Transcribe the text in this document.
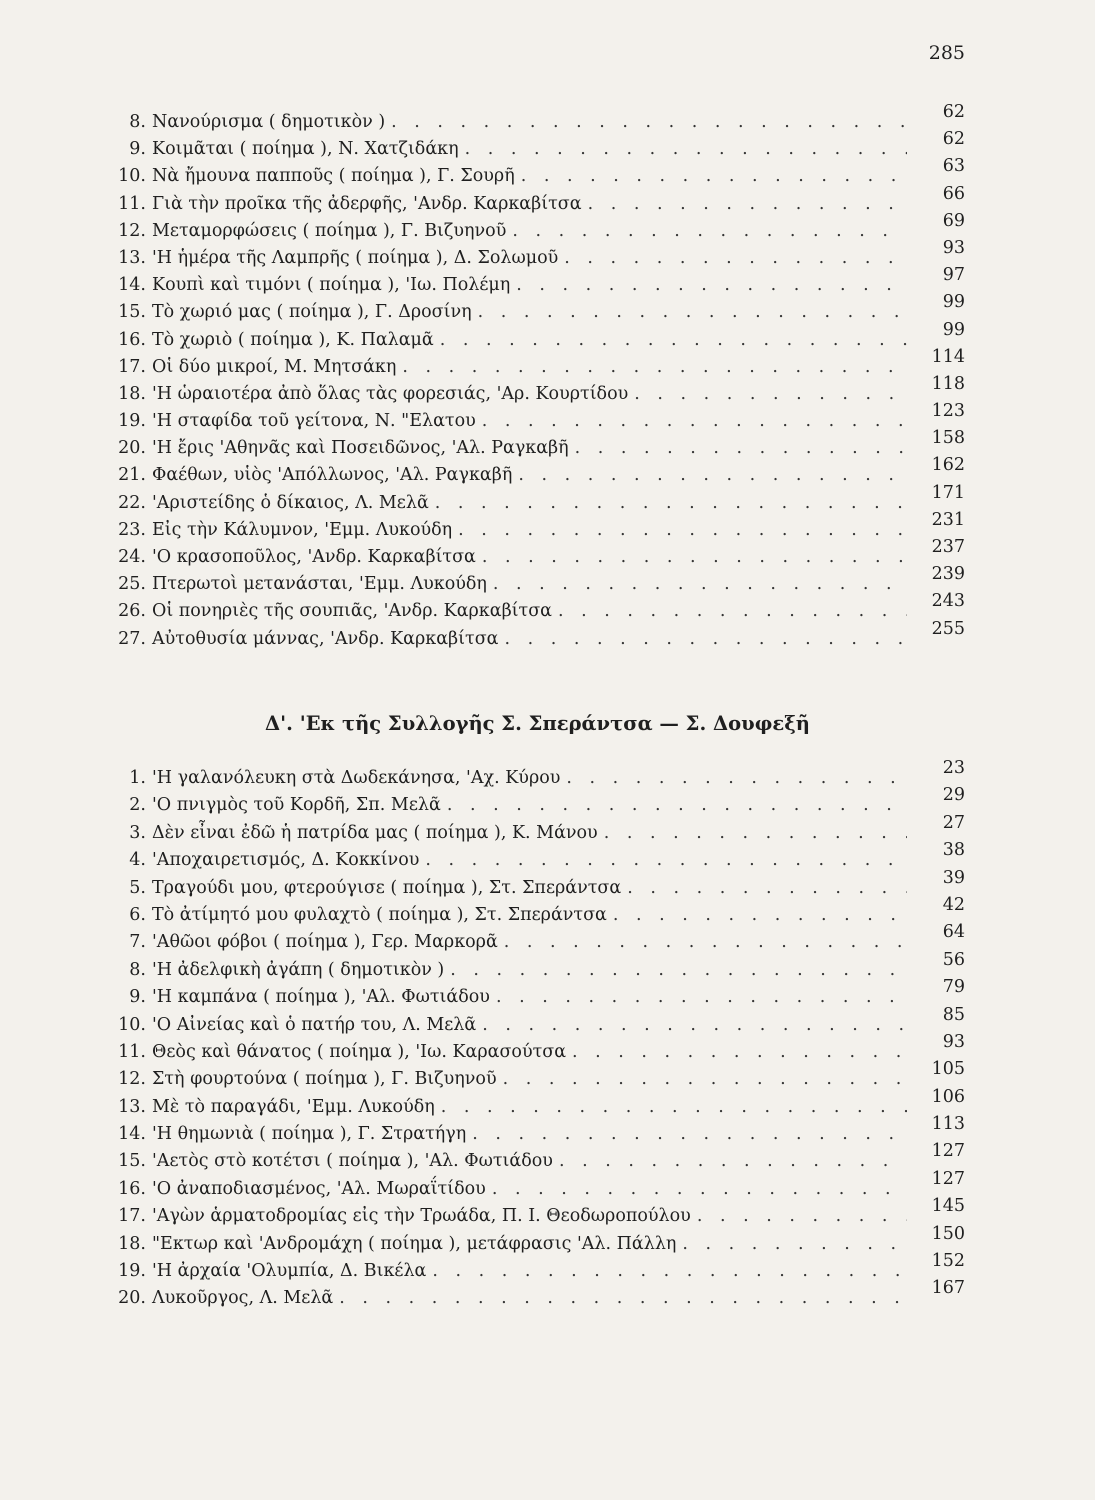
285
8. Νανούρισμα ( δημοτικὸν ) . . .	62
9. Κοιμᾶται ( ποίημα ), Ν. Χατζιδάκη . . .	62
10. Νὰ ἤμουνα παπποῦς ( ποίημα ), Γ. Σουρῆ . . .	63
11. Γιὰ τὴν προῖκα τῆς ἀδερφῆς, 'Ανδρ. Καρκαβίτσα . . .	66
12. Μεταμορφώσεις ( ποίημα ), Γ. Βιζυηνοῦ . . .	69
13. 'Η ἡμέρα τῆς Λαμπρῆς ( ποίημα ), Δ. Σολωμοῦ . . .	93
14. Κουπὶ καὶ τιμόνι ( ποίημα ), 'Ιω. Πολέμη . . .	97
15. Τὸ χωριό μας ( ποίημα ), Γ. Δροσίνη . . .	99
16. Τὸ χωριὸ ( ποίημα ), Κ. Παλαμᾶ . . .	99
17. Οἱ δύο μικροί, Μ. Μητσάκη . . .	114
18. 'Η ὡραιοτέρα ἀπὸ ὅλας τὰς φορεσιάς, 'Αρ. Κουρτίδου . . .	118
19. 'Η σταφίδα τοῦ γείτονα, Ν. "Ελατου . . .	123
20. 'Η ἔρις 'Αθηνᾶς καὶ Ποσειδῶνος, 'Αλ. Ραγκαβῆ . . .	158
21. Φαέθων, υἱὸς 'Απόλλωνος, 'Αλ. Ραγκαβῆ . . .	162
22. 'Αριστείδης ὁ δίκαιος, Λ. Μελᾶ . . .	171
23. Εἰς τὴν Κάλυμνον, 'Εμμ. Λυκούδη . . .	231
24. 'Ο κρασοποῦλος, 'Ανδρ. Καρκαβίτσα . . .	237
25. Πτερωτοὶ μετανάσται, 'Εμμ. Λυκούδη . . .	239
26. Οἱ πονηριὲς τῆς σουπιᾶς, 'Ανδρ. Καρκαβίτσα . . .	243
27. Αὐτοθυσία μάννας, 'Ανδρ. Καρκαβίτσα . . .	255
Δ'. 'Εκ τῆς Συλλογῆς Σ. Σπεράντσα — Σ. Δουφεξῆ
1. 'Η γαλανόλευκη στὰ Δωδεκάνησα, 'Αχ. Κύρου . . .	23
2. 'Ο πνιγμὸς τοῦ Κορδῆ, Σπ. Μελᾶ . . .	29
3. Δὲν εἶναι ἐδῶ ἡ πατρίδα μας ( ποίημα ), Κ. Μάνου . . .	27
4. 'Αποχαιρετισμός, Δ. Κοκκίνου . . .	38
5. Τραγούδι μου, φτερούγισε ( ποίημα ), Στ. Σπεράντσα . . .	39
6. Τὸ ἀτίμητό μου φυλαχτὸ ( ποίημα ), Στ. Σπεράντσα . . .	42
7. 'Αθῶοι φόβοι ( ποίημα ), Γερ. Μαρκορᾶ . . .	64
8. 'Η ἀδελφικὴ ἀγάπη ( δημοτικὸν ) . . .	56
9. 'Η καμπάνα ( ποίημα ), 'Αλ. Φωτιάδου . . .	79
10. 'Ο Αἰνείας καὶ ὁ πατήρ του, Λ. Μελᾶ . . .	85
11. Θεὸς καὶ θάνατος ( ποίημα ), 'Ιω. Καρασούτσα . . .	93
12. Στὴ φουρτούνα ( ποίημα ), Γ. Βιζυηνοῦ . . .	105
13. Μὲ τὸ παραγάδι, 'Εμμ. Λυκούδη . . .	106
14. 'Η θημωνιὰ ( ποίημα ), Γ. Στρατήγη . . .	113
15. 'Αετὸς στὸ κοτέτσι ( ποίημα ), 'Αλ. Φωτιάδου . . .	127
16. 'Ο ἀναποδιασμένος, 'Αλ. Μωραΐτίδου . . .	127
17. 'Αγὼν ἁρματοδρομίας εἰς τὴν Τρωάδα, Π. Ι. Θεοδωροπούλου . . .	145
18. "Εκτωρ καὶ 'Ανδρομάχη ( ποίημα ), μετάφρασις 'Αλ. Πάλλη . . .	150
19. 'Η ἀρχαία 'Ολυμπία, Δ. Βικέλα . . .	152
20. Λυκοῦργος, Λ. Μελᾶ . . .	167
